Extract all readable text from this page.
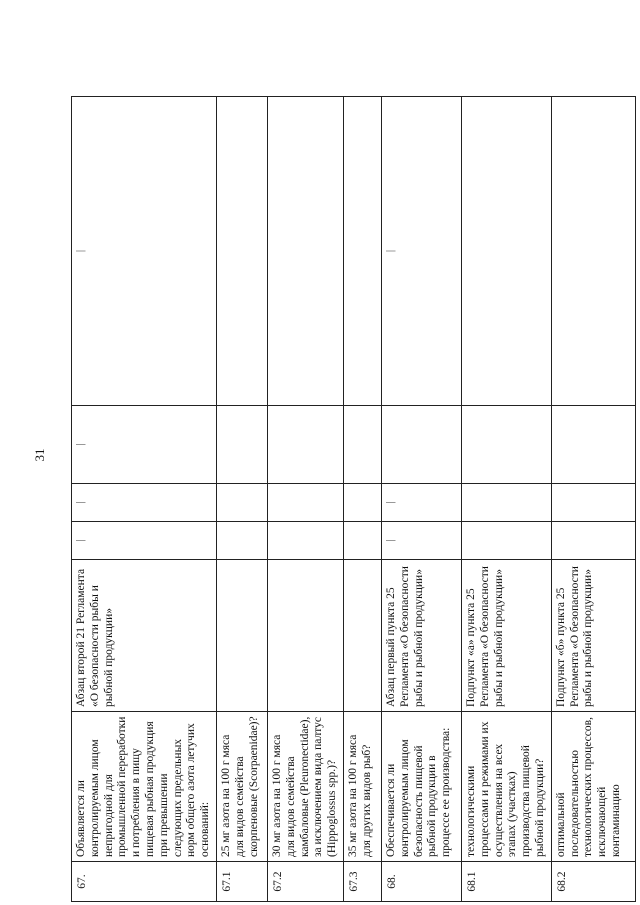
31
67.	Объявляется ли контролируемым лицом непригодной для промышленной переработки и потребления в пищу пищевая рыбная продукция при превышении следующих предельных норм общего азота летучих оснований:	Абзац второй 21 Регламента «О безопасности рыбы и рыбной продукции»	|	|	|	|
67.1	25 мг азота на 100 г мяса для видов семейства скорпеновые (Scorpaenidae)?					
67.2	30 мг азота на 100 г мяса для видов семейства камбаловые (Pleuronectidae), за исключением вида палтус (Hippoglossus spp.)?					
67.3	35 мг азота на 100 г мяса для других видов рыб?					
68.	Обеспечивается ли контролируемым лицом безопасность пищевой рыбной продукции в процессе ее производства:	Абзац первый пункта 25 Регламента «О безопасности рыбы и рыбной продукции»	|	|		|
68.1	технологическими процессами и режимами их осуществления на всех этапах (участках) производства пищевой рыбной продукции?	Подпункт «а» пункта 25 Регламента «О безопасности рыбы и рыбной продукции»				
68.2	оптимальной последовательностью технологических процессов, исключающей контаминацию	Подпункт «б» пункта 25 Регламента «О безопасности рыбы и рыбной продукции»				
